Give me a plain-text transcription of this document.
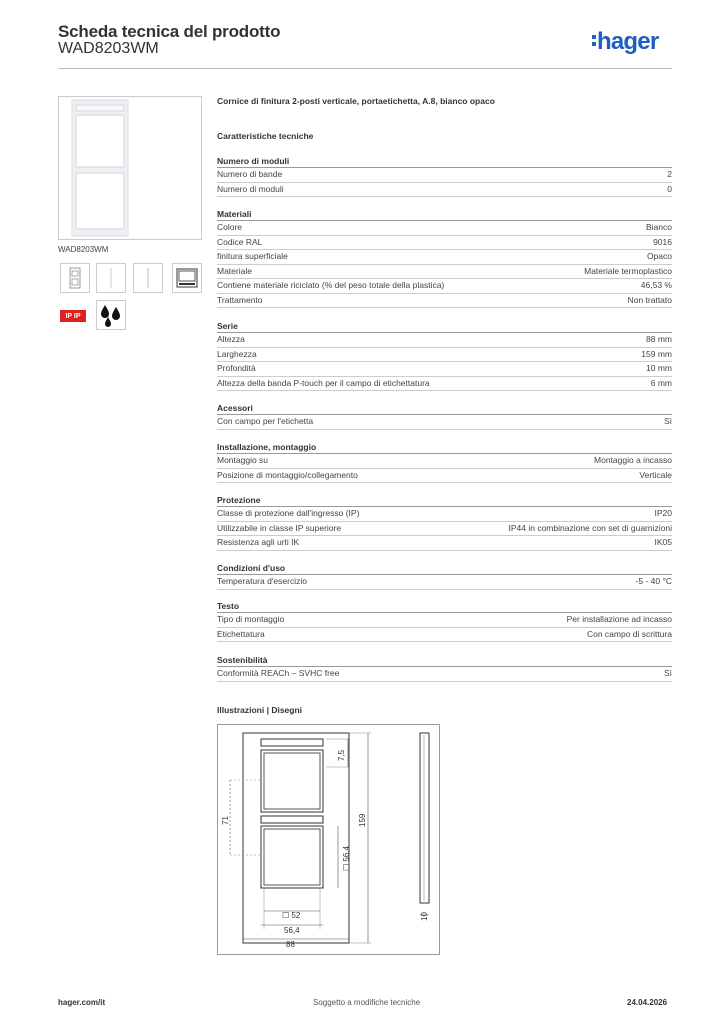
Scheda tecnica del prodotto
WAD8203WM	hager
WAD8203WM
IP IP
Cornice di finitura 2-posti verticale, portaetichetta, A.8, bianco opaco
Caratteristiche tecniche
Numero di moduli
Numero di bande	2
Numero di moduli	0
Materiali
Colore	Bianco
Codice RAL	9016
finitura superficiale	Opaco
Materiale	Materiale termoplastico
Contiene materiale riciclato (% del peso totale della plastica)	46,53 %
Trattamento	Non trattato
Serie
Altezza	88 mm
Larghezza	159 mm
Profondità	10 mm
Altezza della banda P-touch per il campo di etichettatura	6 mm
Acessori
Con campo per l'etichetta	Sì
Installazione, montaggio
Montaggio su	Montaggio a incasso
Posizione di montaggio/collegamento	Verticale
Protezione
Classe di protezione dall'ingresso (IP)	IP20
Utilizzabile in classe IP superiore	IP44 in combinazione con set di guarnizioni
Resistenza agli urti IK	IK05
Condizioni d'uso
Temperatura d'esercizio	-5 - 40 °C
Testo
Tipo di montaggio	Per installazione ad incasso
Etichettatura	Con campo di scrittura
Sostenibilità
Conformità REACh – SVHC free	Sì
Illustrazioni | Disegni
7,5
71	159
☐ 56,4
☐ 52
56,4
88
10
hager.com/it	Soggetto a modifiche tecniche	24.04.2026
